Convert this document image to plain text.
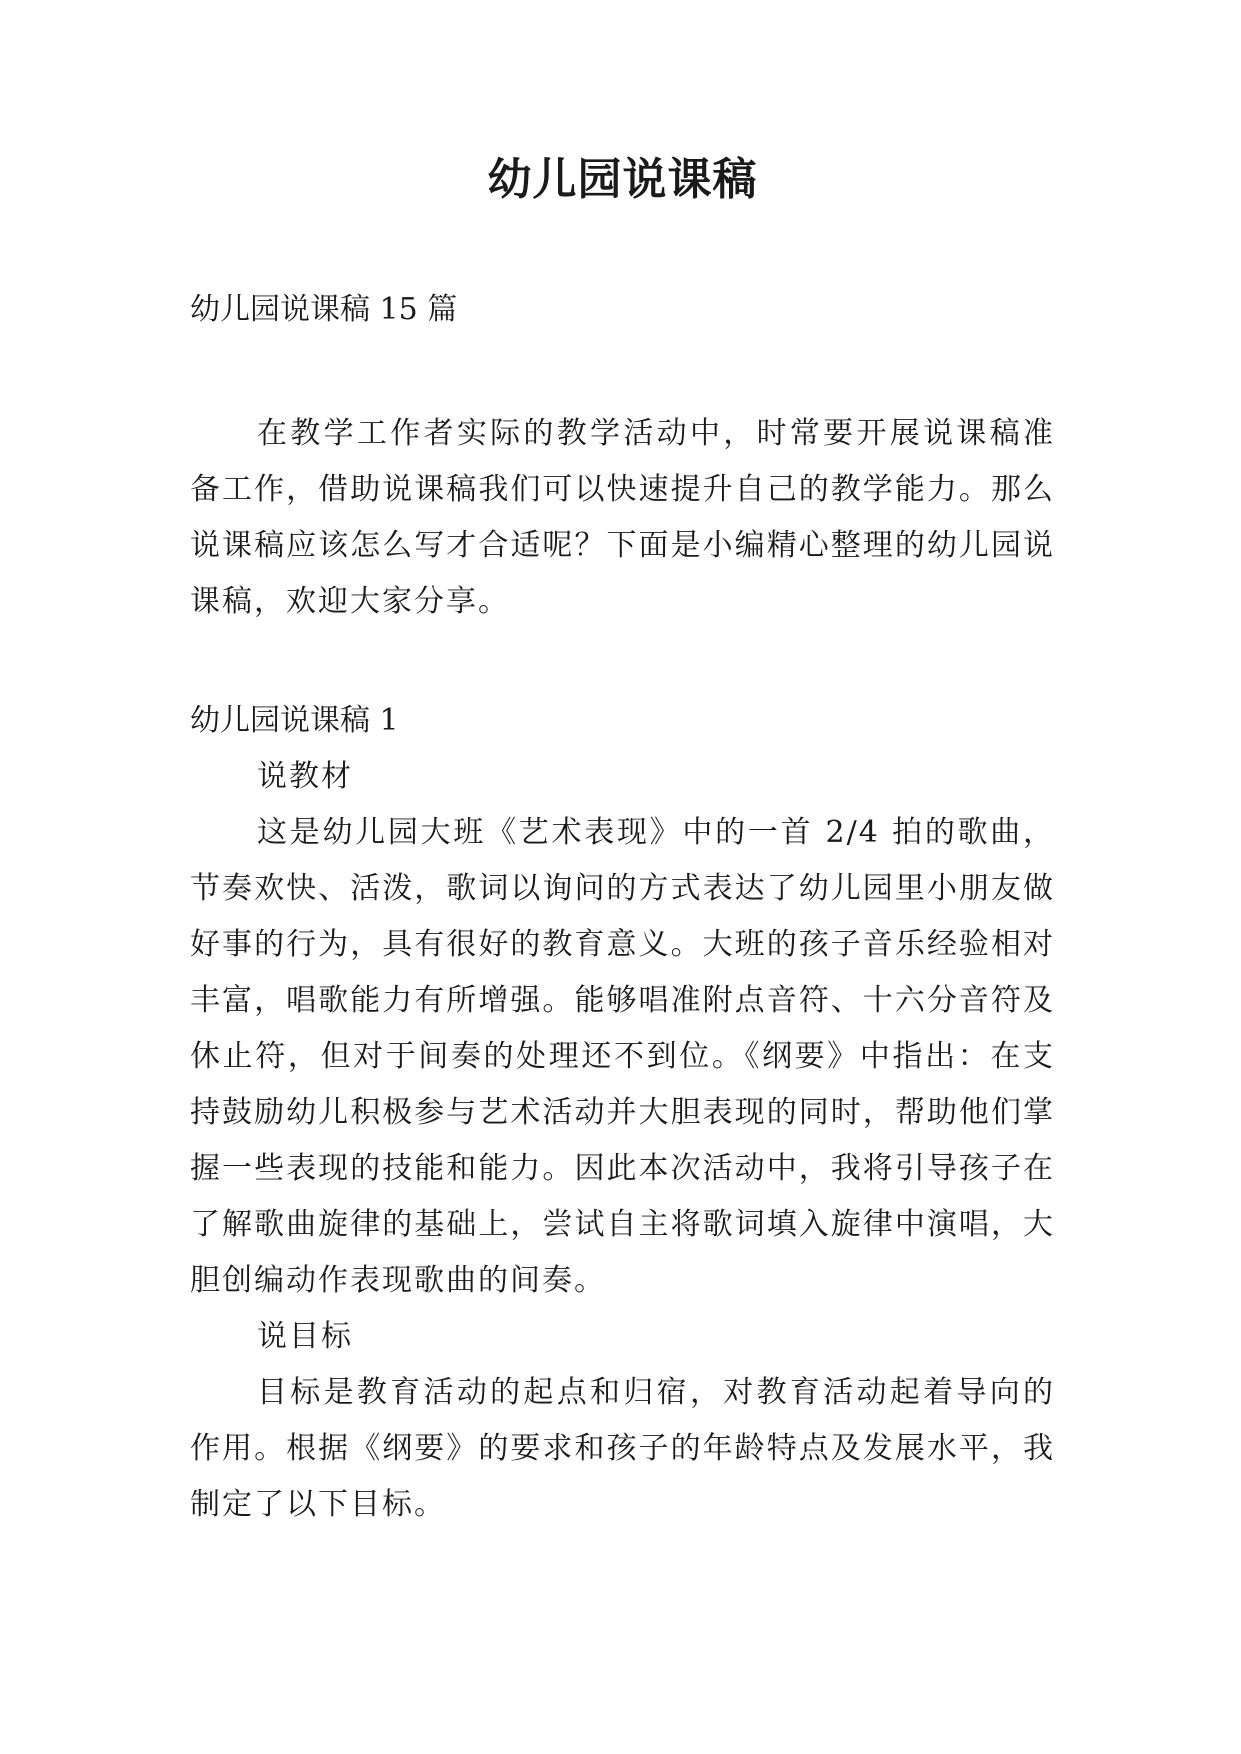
幼儿园说课稿

幼儿园说课稿 15 篇

在教学工作者实际的教学活动中，时常要开展说课稿准备工作，借助说课稿我们可以快速提升自己的教学能力。那么说课稿应该怎么写才合适呢？下面是小编精心整理的幼儿园说课稿，欢迎大家分享。

幼儿园说课稿 1

说教材

这是幼儿园大班《艺术表现》中的一首 2/4 拍的歌曲，节奏欢快、活泼，歌词以询问的方式表达了幼儿园里小朋友做好事的行为，具有很好的教育意义。大班的孩子音乐经验相对丰富，唱歌能力有所增强。能够唱准附点音符、十六分音符及休止符，但对于间奏的处理还不到位。《纲要》中指出：在支持鼓励幼儿积极参与艺术活动并大胆表现的同时，帮助他们掌握一些表现的技能和能力。因此本次活动中，我将引导孩子在了解歌曲旋律的基础上，尝试自主将歌词填入旋律中演唱，大胆创编动作表现歌曲的间奏。

说目标

目标是教育活动的起点和归宿，对教育活动起着导向的作用。根据《纲要》的要求和孩子的年龄特点及发展水平，我制定了以下目标。
